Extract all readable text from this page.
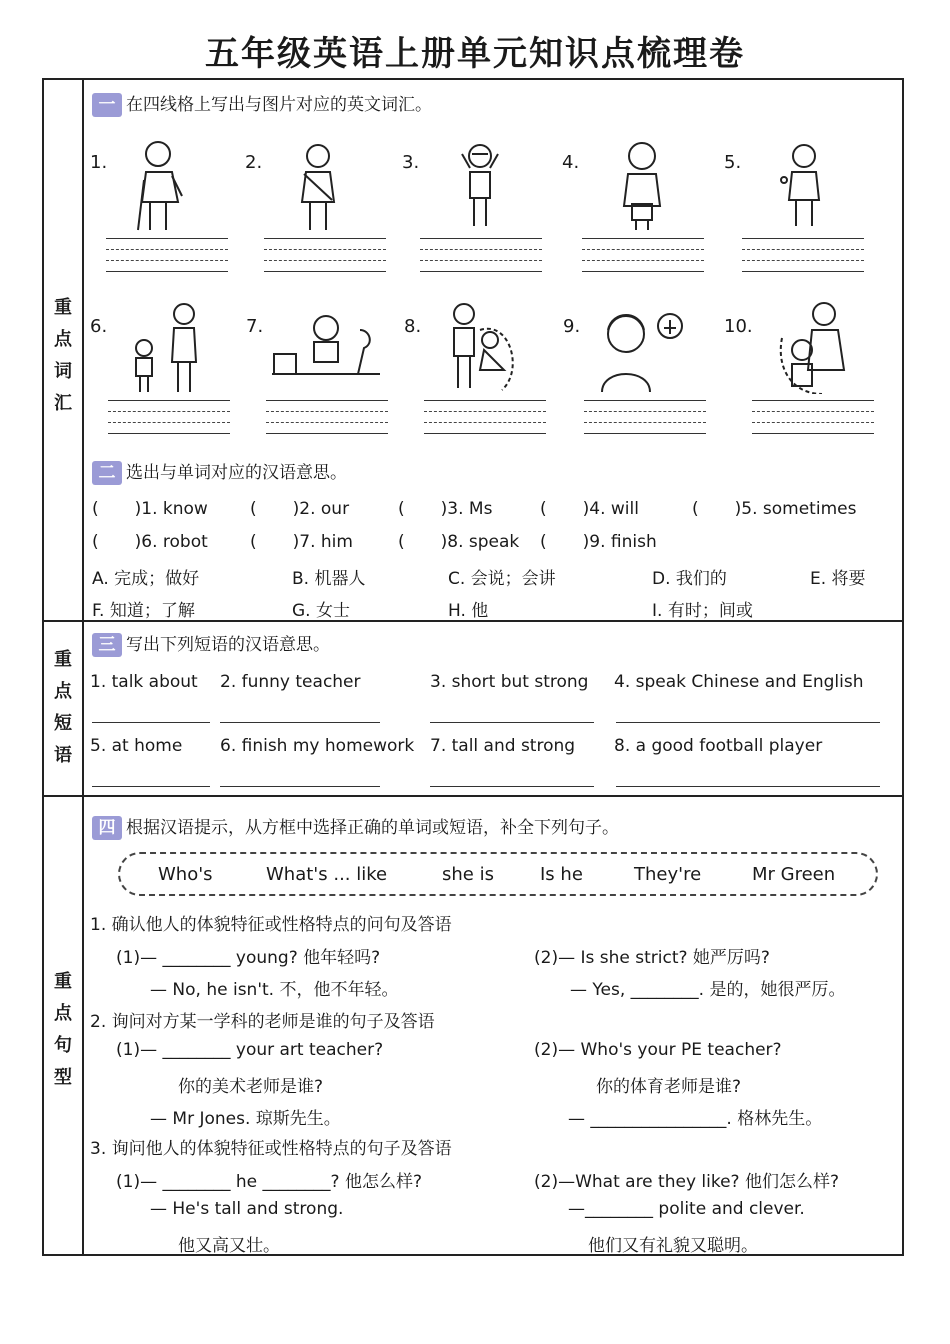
五年级英语上册单元知识点梳理卷
重
点
词
汇
重
点
短
语
重
点
句
型
一 在四线格上写出与图片对应的英文词汇。
1.	2.	3.	4.	5.
6.	7.	8.	9.	10.
二 选出与单词对应的汉语意思。
( )1. know ( )2. our	( )3. Ms	( )4. will	( )5. sometimes
( )6. robot ( )7. him	( )8. speak ( )9. finish
A. 完成；做好	B. 机器人	C. 会说；会讲	D. 我们的	E. 将要
F. 知道；了解	G. 女士	H. 他	I. 有时；间或
三 写出下列短语的汉语意思。
1. talk about 2. funny teacher	3. short but strong 4. speak Chinese and English
5. at home 6. finish my homework 7. tall and strong 8. a good football player
四 根据汉语提示，从方框中选择正确的单词或短语，补全下列句子。
Who's	What's ... like	she is	Is he	They're	Mr Green
1. 确认他人的体貌特征或性格特点的问句及答语
(1)— ________ young? 他年轻吗?
— No, he isn't. 不，他不年轻。
(2)— Is she strict? 她严厉吗?
— Yes, ________. 是的，她很严厉。
2. 询问对方某一学科的老师是谁的句子及答语
(1)— ________ your art teacher?
你的美术老师是谁?
— Mr Jones. 琼斯先生。
(2)— Who's your PE teacher?
你的体育老师是谁?
— ________________. 格林先生。
3. 询问他人的体貌特征或性格特点的句子及答语
(1)— ________ he ________? 他怎么样?
— He's tall and strong.
他又高又壮。
(2)—What are they like? 他们怎么样?
—________ polite and clever.
他们又有礼貌又聪明。
